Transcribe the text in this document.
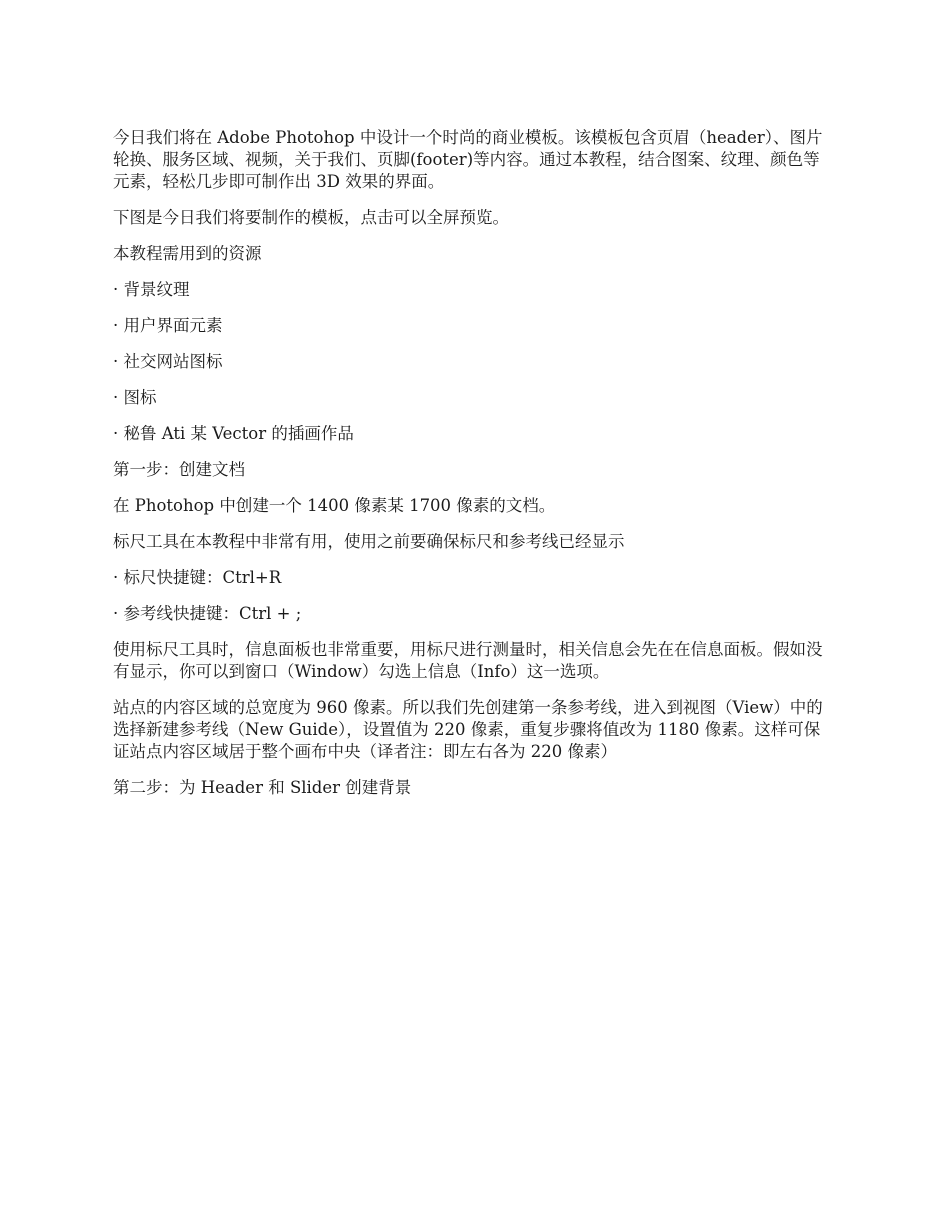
今日我们将在 Adobe Photohop 中设计一个时尚的商业模板。该模板包含页眉（header）、图片轮换、服务区域、视频，关于我们、页脚(footer)等内容。通过本教程，结合图案、纹理、颜色等元素，轻松几步即可制作出 3D 效果的界面。

下图是今日我们将要制作的模板，点击可以全屏预览。

本教程需用到的资源

· 背景纹理

· 用户界面元素

· 社交网站图标

· 图标

· 秘鲁 Ati 某 Vector 的插画作品

第一步：创建文档

在 Photohop 中创建一个 1400 像素某 1700 像素的文档。

标尺工具在本教程中非常有用，使用之前要确保标尺和参考线已经显示

· 标尺快捷键：Ctrl+R

· 参考线快捷键：Ctrl + ;

使用标尺工具时，信息面板也非常重要，用标尺进行测量时，相关信息会先在在信息面板。假如没有显示，你可以到窗口（Window）勾选上信息（Info）这一选项。

站点的内容区域的总宽度为 960 像素。所以我们先创建第一条参考线，进入到视图（View）中的选择新建参考线（New Guide），设置值为 220 像素，重复步骤将值改为 1180 像素。这样可保证站点内容区域居于整个画布中央（译者注：即左右各为 220 像素）

第二步：为 Header 和 Slider 创建背景
